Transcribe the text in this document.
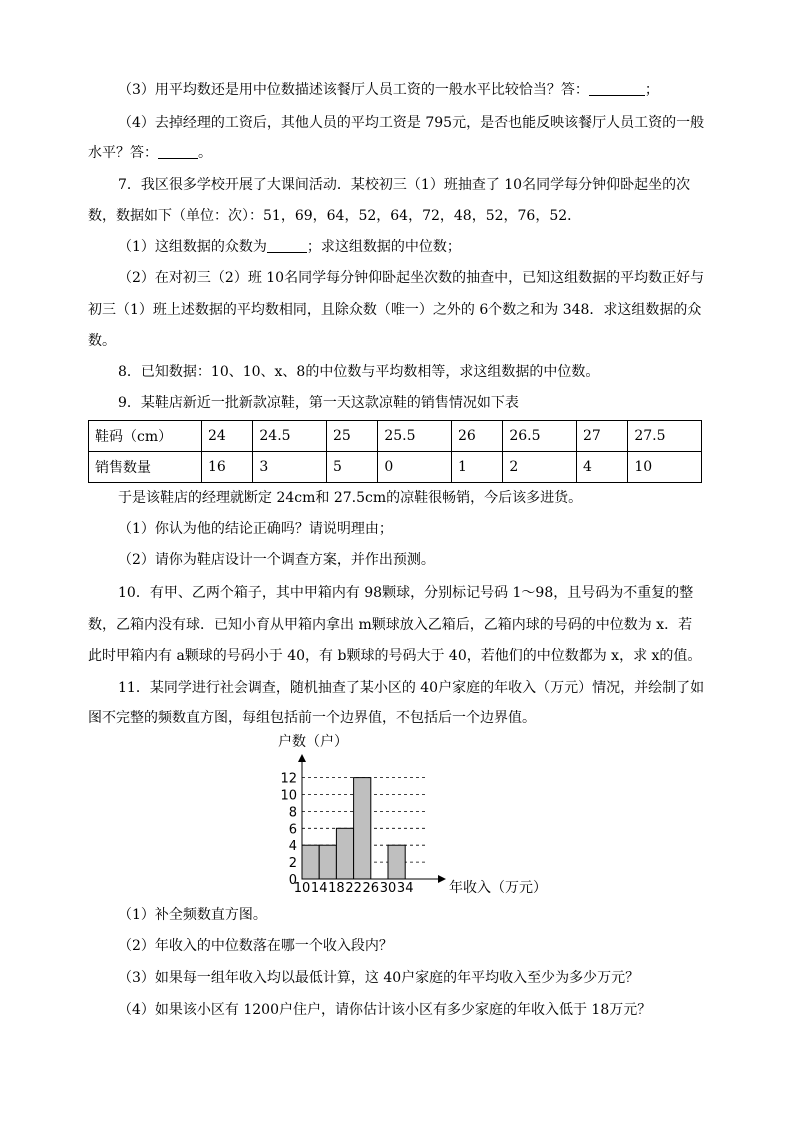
（3）用平均数还是用中位数描述该餐厅人员工资的一般水平比较恰当？答：	；
（4）去掉经理的工资后，其他人员的平均工资是 795元，是否也能反映该餐厅人员工资的一般
水平？答：	。
7．我区很多学校开展了大课间活动．某校初三（1）班抽查了 10名同学每分钟仰卧起坐的次
数，数据如下（单位：次）：51，69，64，52，64，72，48，52，76，52．
（1）这组数据的众数为	；求这组数据的中位数；
（2）在对初三（2）班 10名同学每分钟仰卧起坐次数的抽查中，已知这组数据的平均数正好与
初三（1）班上述数据的平均数相同，且除众数（唯一）之外的 6个数之和为 348．求这组数据的众
数。
8．已知数据：10、10、x、8的中位数与平均数相等，求这组数据的中位数。
9．某鞋店新近一批新款凉鞋，第一天这款凉鞋的销售情况如下表
鞋码（cm）	24	24.5	25	25.5	26	26.5	27	27.5
销售数量	16	3	5	0	1	2	4	10
于是该鞋店的经理就断定 24cm和 27.5cm的凉鞋很畅销，今后该多进货。
（1）你认为他的结论正确吗？请说明理由；
（2）请你为鞋店设计一个调查方案，并作出预测。
10．有甲、乙两个箱子，其中甲箱内有 98颗球，分别标记号码 1～98，且号码为不重复的整
数，乙箱内没有球．已知小育从甲箱内拿出 m颗球放入乙箱后，乙箱内球的号码的中位数为 x．若
此时甲箱内有 a颗球的号码小于 40，有 b颗球的号码大于 40，若他们的中位数都为 x，求 x的值。
11．某同学进行社会调查，随机抽查了某小区的 40户家庭的年收入（万元）情况，并绘制了如
图不完整的频数直方图，每组包括前一个边界值，不包括后一个边界值。
0
2
4
6
8
10
12
10 14 18 22 26 30 34
户数（户）
年收入（万元）
（1）补全频数直方图。
（2）年收入的中位数落在哪一个收入段内？
（3）如果每一组年收入均以最低计算，这 40户家庭的年平均收入至少为多少万元？
（4）如果该小区有 1200户住户，请你估计该小区有多少家庭的年收入低于 18万元？
